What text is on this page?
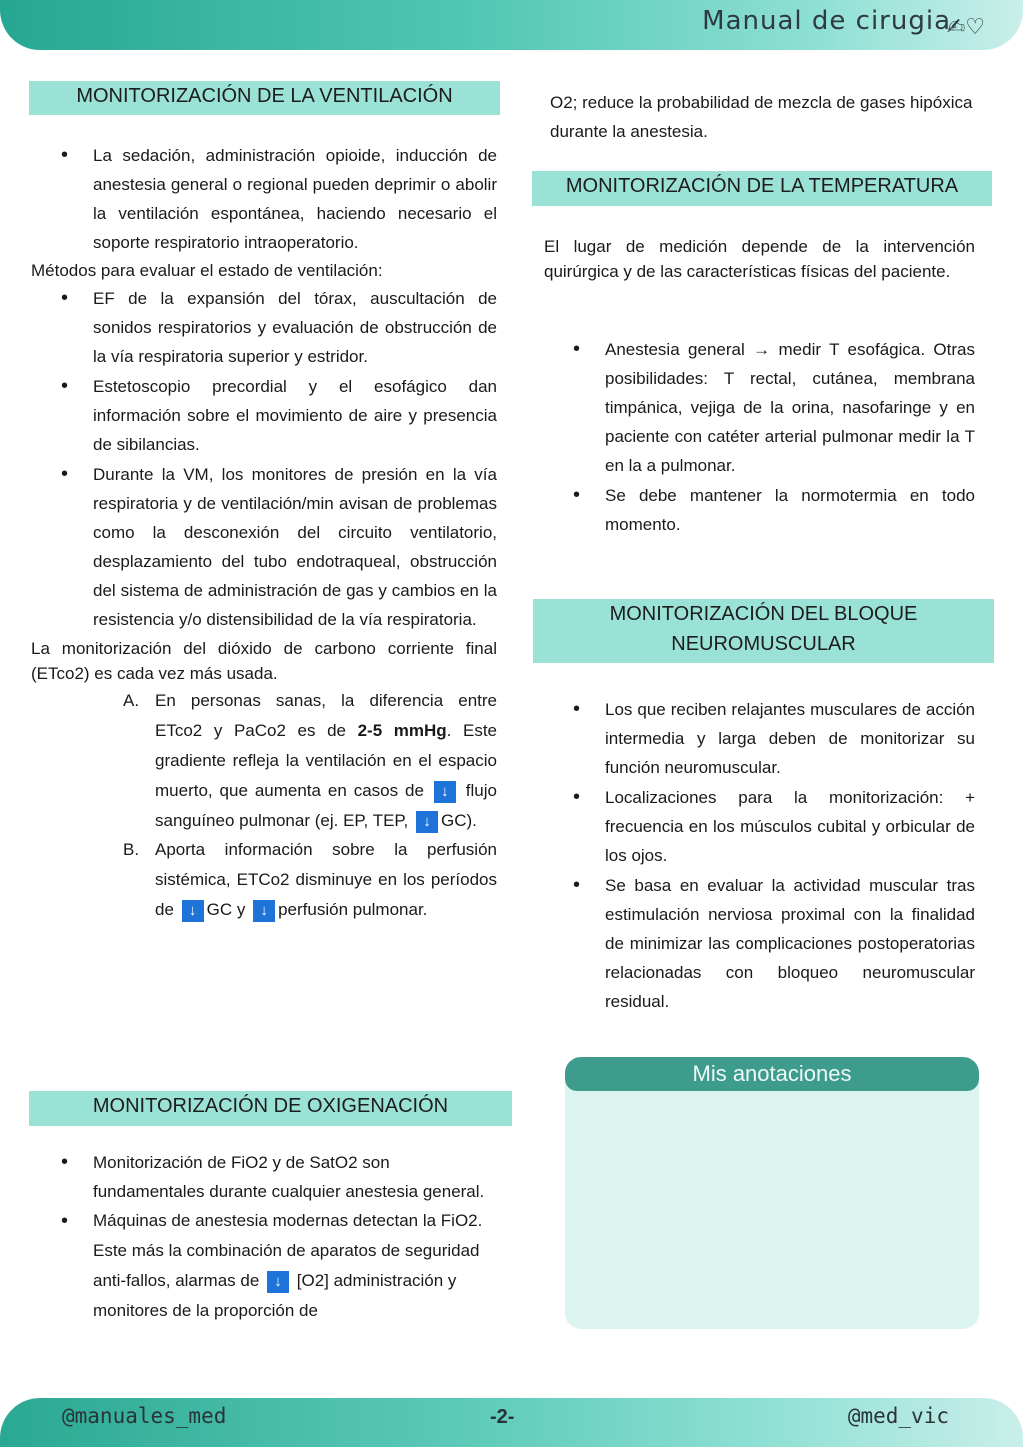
Manual de cirugia
✍♡
MONITORIZACIÓN DE LA VENTILACIÓN
• La sedación, administración opioide, inducción de anestesia general o regional pueden deprimir o abolir la ventilación espontánea, haciendo necesario el soporte respiratorio intraoperatorio.

Métodos para evaluar el estado de ventilación:

• EF de la expansión del tórax, auscultación de sonidos respiratorios y evaluación de obstrucción de la vía respiratoria superior y estridor.
• Estetoscopio precordial y el esofágico dan información sobre el movimiento de aire y presencia de sibilancias.
• Durante la VM, los monitores de presión en la vía respiratoria y de ventilación/min avisan de problemas como la desconexión del circuito ventilatorio, desplazamiento del tubo endotraqueal, obstrucción del sistema de administración de gas y cambios en la resistencia y/o distensibilidad de la vía respiratoria.

La monitorización del dióxido de carbono corriente final (ETco2) es cada vez más usada.

A. En personas sanas, la diferencia entre ETco2 y PaCo2 es de 2-5 mmHg. Este gradiente refleja la ventilación en el espacio muerto, que aumenta en casos de ↓ flujo sanguíneo pulmonar (ej. EP, TEP, ↓ GC).
B. Aporta información sobre la perfusión sistémica, ETCo2 disminuye en los períodos de ↓ GC y ↓ perfusión pulmonar.
MONITORIZACIÓN DE OXIGENACIÓN
• Monitorización de FiO2 y de SatO2 son fundamentales durante cualquier anestesia general.
• Máquinas de anestesia modernas detectan la FiO2. Este más la combinación de aparatos de seguridad anti-fallos, alarmas de ↓ [O2] administración y monitores de la proporción de
O2; reduce la probabilidad de mezcla de gases hipóxica durante la anestesia.
MONITORIZACIÓN DE LA TEMPERATURA
El lugar de medición depende de la intervención quirúrgica y de las características físicas del paciente.
• Anestesia general → medir T esofágica. Otras posibilidades: T rectal, cutánea, membrana timpánica, vejiga de la orina, nasofaringe y en paciente con catéter arterial pulmonar medir la T en la a pulmonar.
• Se debe mantener la normotermia en todo momento.
MONITORIZACIÓN DEL BLOQUE
NEUROMUSCULAR
• Los que reciben relajantes musculares de acción intermedia y larga deben de monitorizar su función neuromuscular.
• Localizaciones para la monitorización: + frecuencia en los músculos cubital y orbicular de los ojos.
• Se basa en evaluar la actividad muscular tras estimulación nerviosa proximal con la finalidad de minimizar las complicaciones postoperatorias relacionadas con bloqueo neuromuscular residual.
Mis anotaciones
@manuales_med	-2-	@med_vic
